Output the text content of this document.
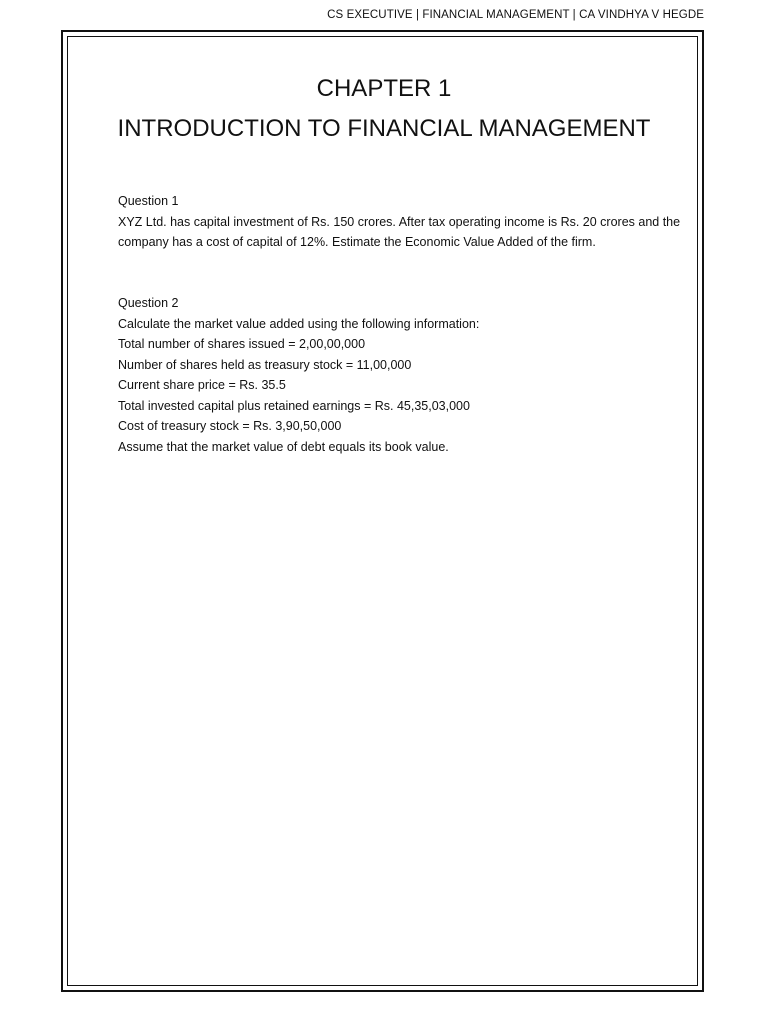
CS EXECUTIVE | FINANCIAL MANAGEMENT | CA VINDHYA V HEGDE
CHAPTER 1
INTRODUCTION TO FINANCIAL MANAGEMENT
Question 1
XYZ Ltd. has capital investment of Rs. 150 crores. After tax operating income is Rs. 20 crores and the
company has a cost of capital of 12%. Estimate the Economic Value Added of the firm.
Question 2
Calculate the market value added using the following information:
Total number of shares issued = 2,00,00,000
Number of shares held as treasury stock = 11,00,000
Current share price = Rs. 35.5
Total invested capital plus retained earnings = Rs. 45,35,03,000
Cost of treasury stock = Rs. 3,90,50,000
Assume that the market value of debt equals its book value.
